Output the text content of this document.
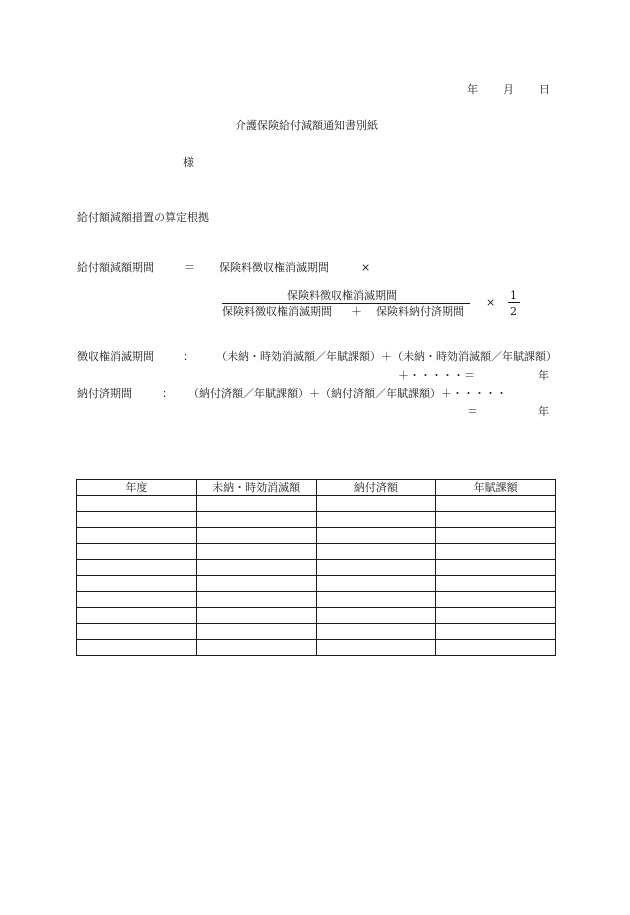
年 月 日
介護保険給付減額通知書別紙
様
給付額減額措置の算定根拠
給付額減額期間	＝ 保険料徴収権消滅期間	×
保険料徴収権消滅期間
保険料徴収権消滅期間 ＋ 保険料納付済期間
×
1
2
徴収権消滅期間	： （未納・時効消滅額／年賦課額）＋（未納・時効消滅額／年賦課額）
＋・・・・・＝	年
納付済期間	： （納付済額／年賦課額）＋（納付済額／年賦課額）＋・・・・・
＝	年
年度	未納・時効消滅額	納付済額	年賦課額
